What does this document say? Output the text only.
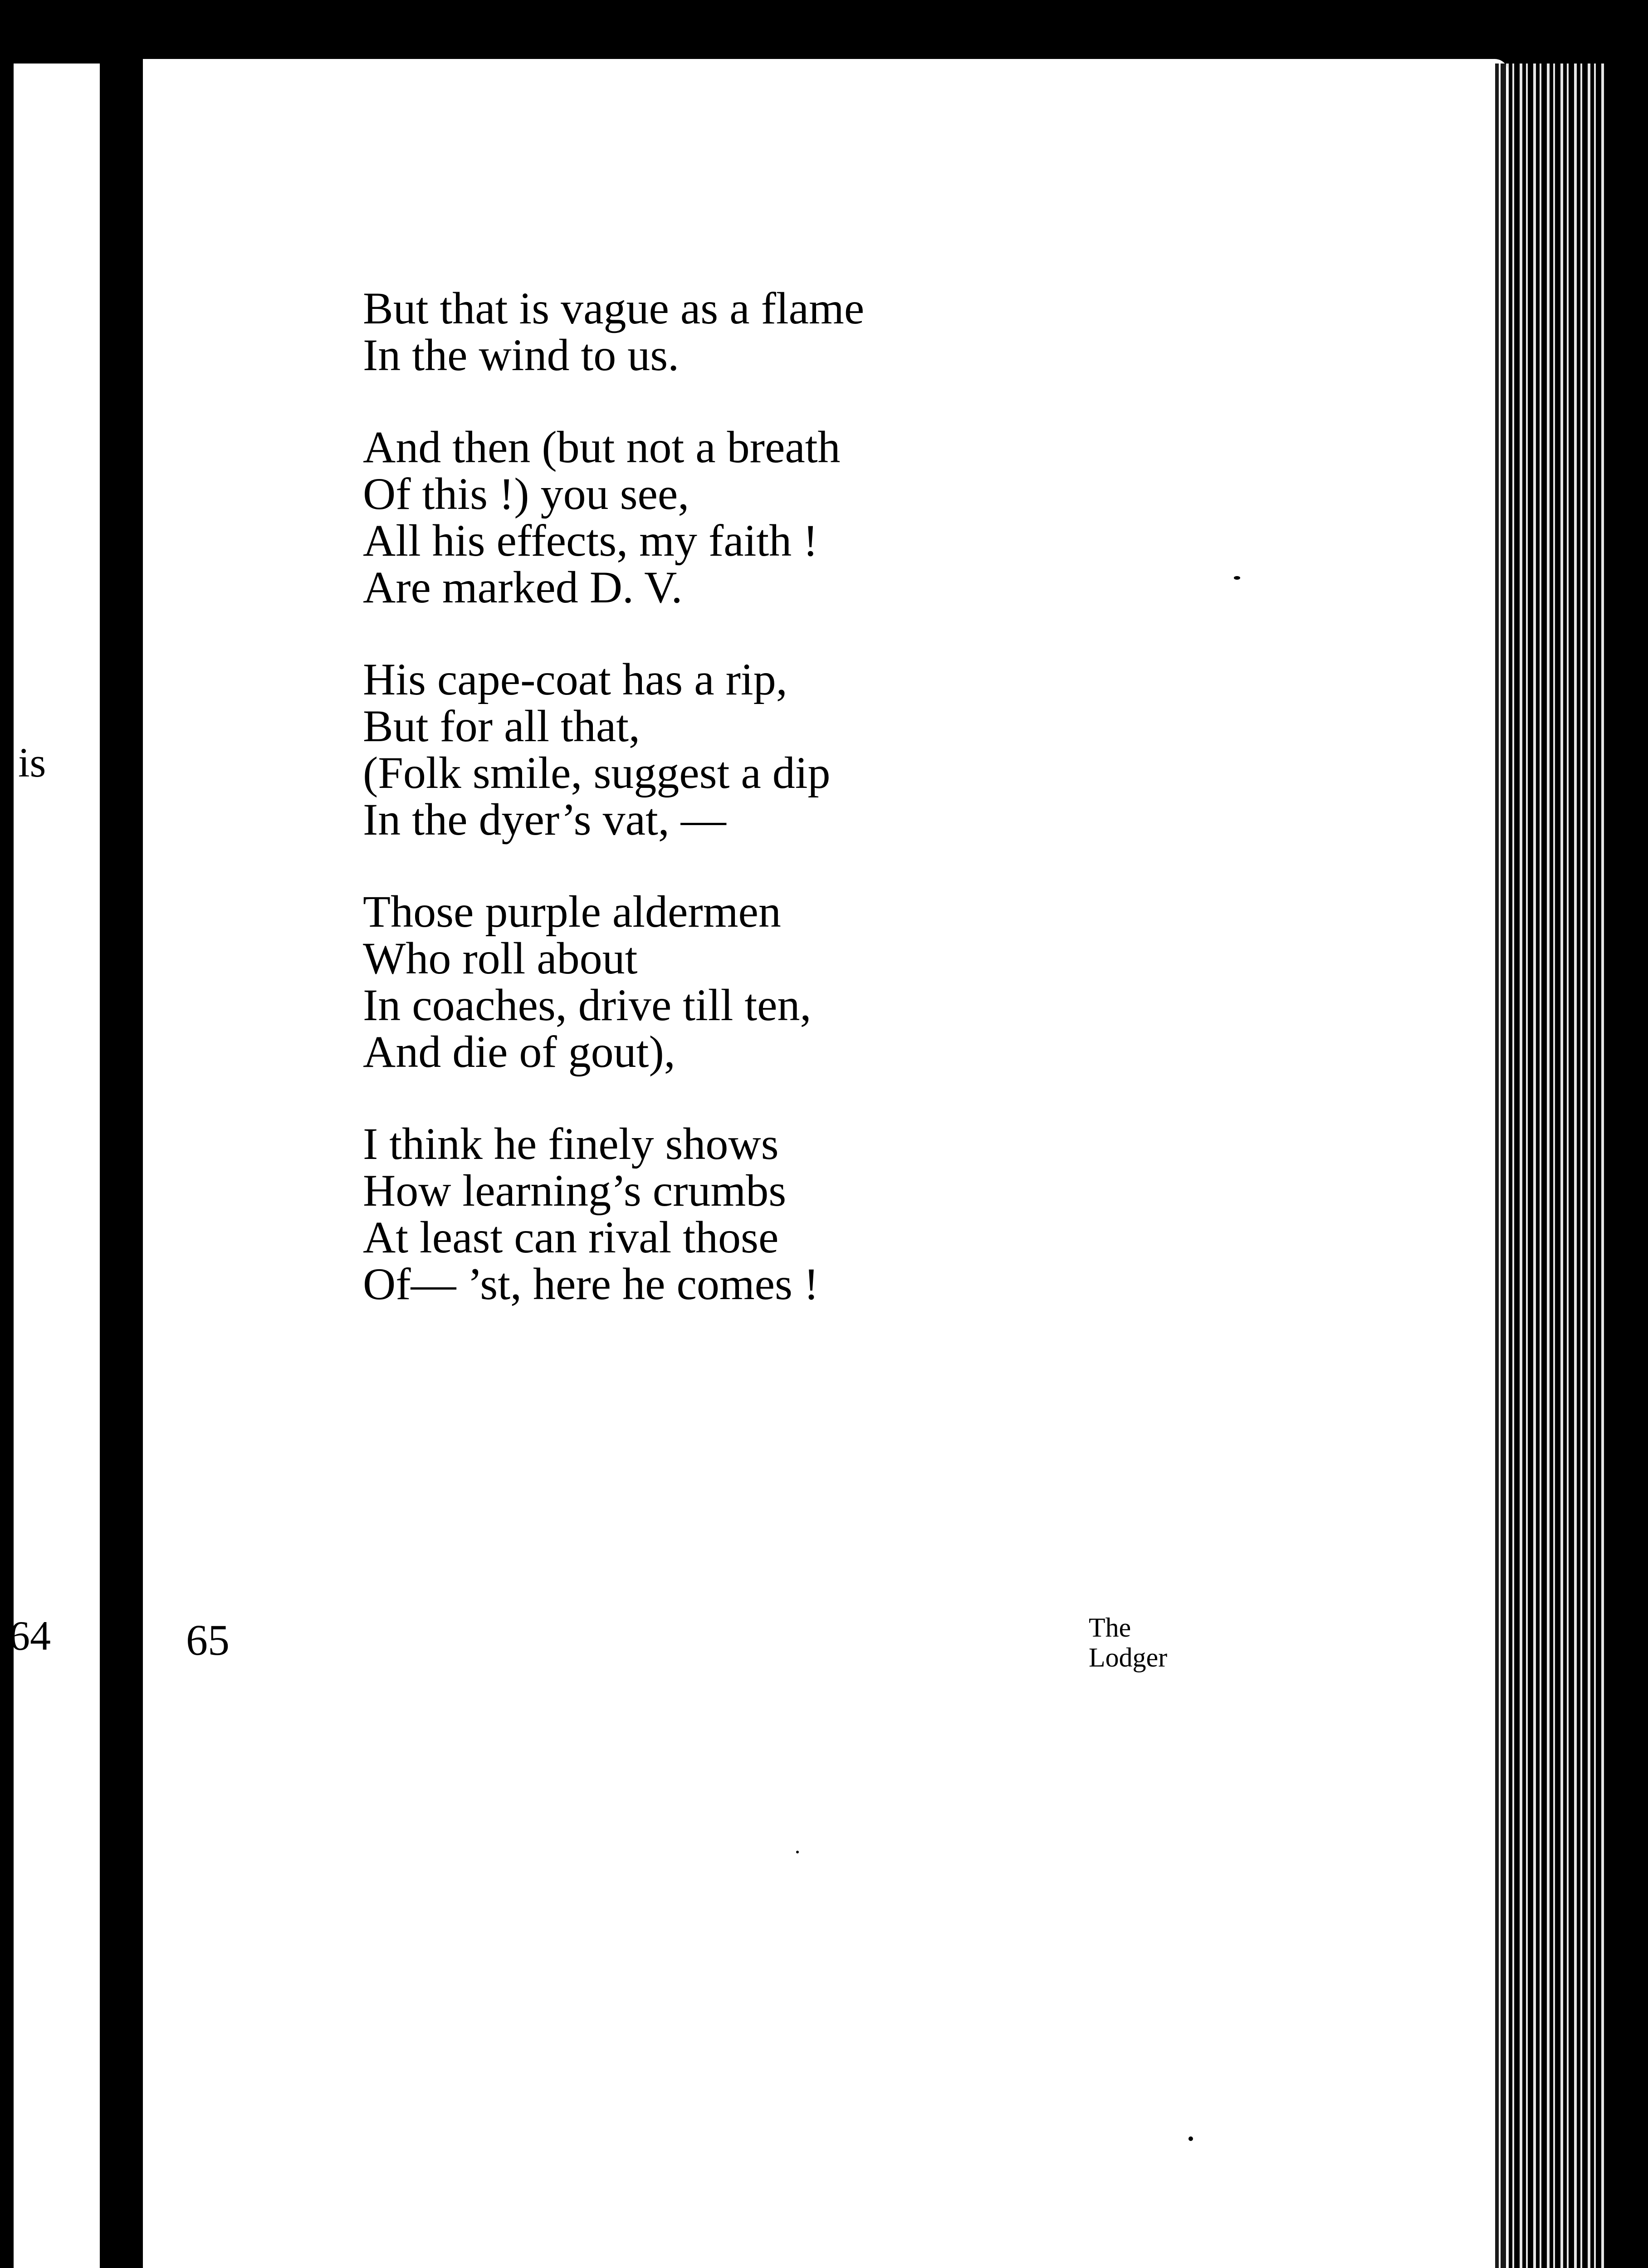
is
64
But that is vague as a flame
In the wind to us.
And then (but not a breath
Of this !) you see,
All his effects, my faith !
Are marked D. V.
His cape-coat has a rip,
But for all that,
(Folk smile, suggest a dip
In the dyer’s vat, —
Those purple aldermen
Who roll about
In coaches, drive till ten,
And die of gout),
I think he finely shows
How learning’s crumbs
At least can rival those
Of— ’st, here he comes !
65	The
Lodger
